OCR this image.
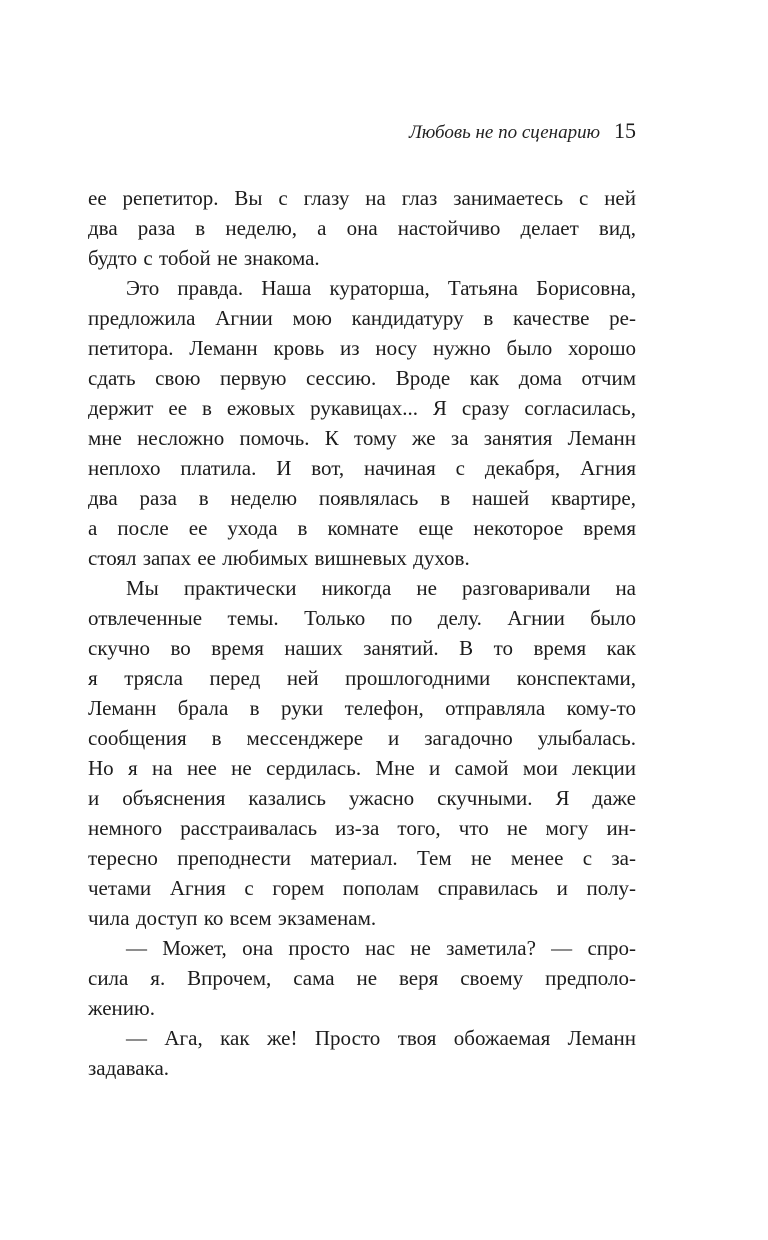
Любовь не по сценарию 15
ее репетитор. Вы с глазу на глаз занимаетесь с ней
два раза в неделю, а она настойчиво делает вид,
будто с тобой не знакома.
Это правда. Наша кураторша, Татьяна Борисовна,
предложила Агнии мою кандидатуру в качестве ре-
петитора. Леманн кровь из носу нужно было хорошо
сдать свою первую сессию. Вроде как дома отчим
держит ее в ежовых рукавицах... Я сразу согласилась,
мне несложно помочь. К тому же за занятия Леманн
неплохо платила. И вот, начиная с декабря, Агния
два раза в неделю появлялась в нашей квартире,
а после ее ухода в комнате еще некоторое время
стоял запах ее любимых вишневых духов.
Мы практически никогда не разговаривали на
отвлеченные темы. Только по делу. Агнии было
скучно во время наших занятий. В то время как
я трясла перед ней прошлогодними конспектами,
Леманн брала в руки телефон, отправляла кому-то
сообщения в мессенджере и загадочно улыбалась.
Но я на нее не сердилась. Мне и самой мои лекции
и объяснения казались ужасно скучными. Я даже
немного расстраивалась из-за того, что не могу ин-
тересно преподнести материал. Тем не менее с за-
четами Агния с горем пополам справилась и полу-
чила доступ ко всем экзаменам.
— Может, она просто нас не заметила? — спро-
сила я. Впрочем, сама не веря своему предполо-
жению.
— Ага, как же! Просто твоя обожаемая Леманн
задавака.
